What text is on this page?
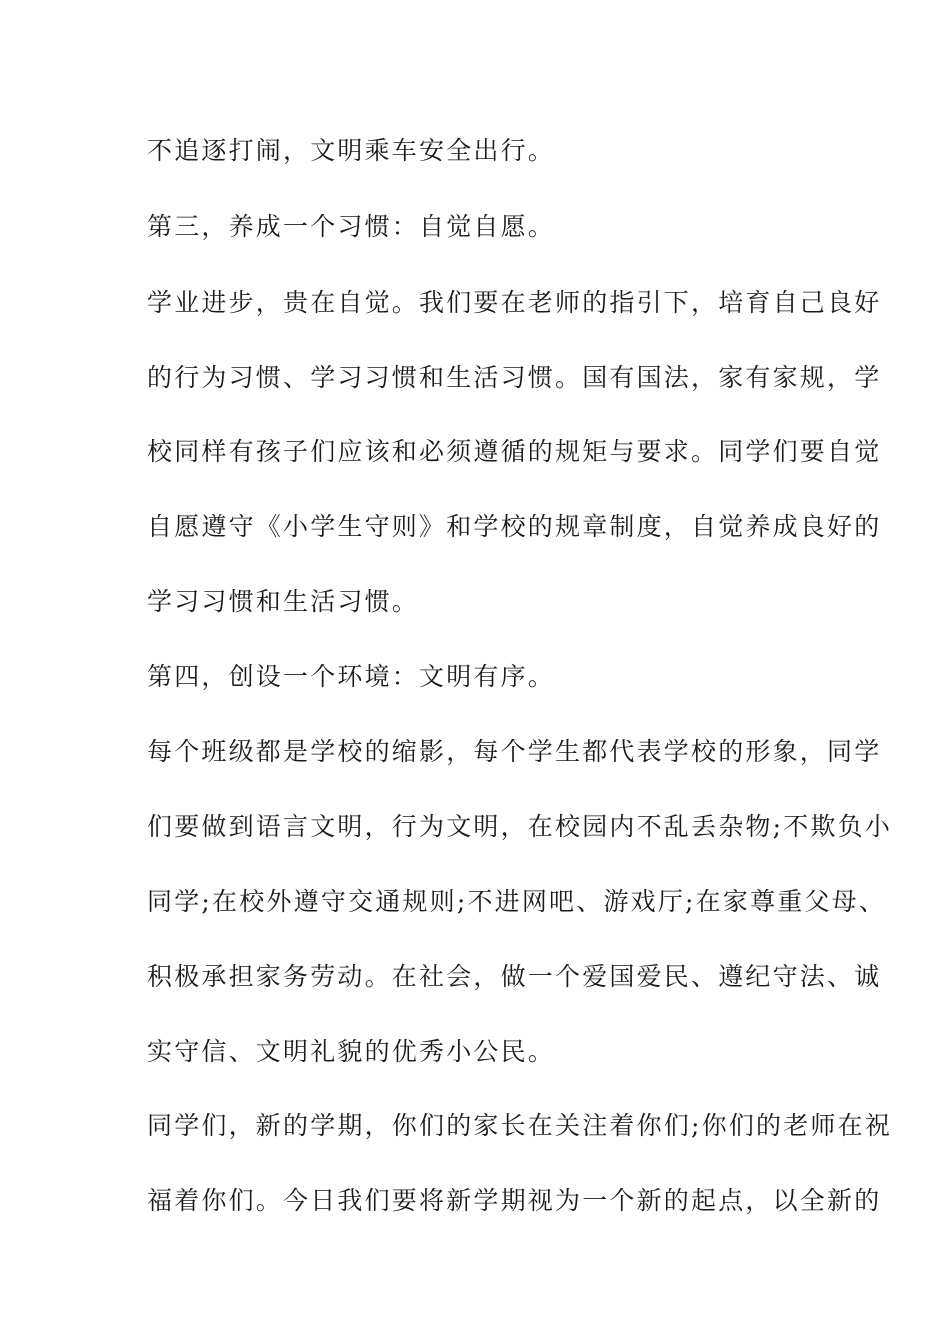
不追逐打闹，文明乘车安全出行。
第三，养成一个习惯：自觉自愿。
学业进步，贵在自觉。我们要在老师的指引下，培育自己良好
的行为习惯、学习习惯和生活习惯。国有国法，家有家规，学
校同样有孩子们应该和必须遵循的规矩与要求。同学们要自觉
自愿遵守《小学生守则》和学校的规章制度，自觉养成良好的
学习习惯和生活习惯。
第四，创设一个环境：文明有序。
每个班级都是学校的缩影，每个学生都代表学校的形象，同学
们要做到语言文明，行为文明，在校园内不乱丢杂物;不欺负小
同学;在校外遵守交通规则;不进网吧、游戏厅;在家尊重父母、
积极承担家务劳动。在社会，做一个爱国爱民、遵纪守法、诚
实守信、文明礼貌的优秀小公民。
同学们，新的学期，你们的家长在关注着你们;你们的老师在祝
福着你们。今日我们要将新学期视为一个新的起点，以全新的
